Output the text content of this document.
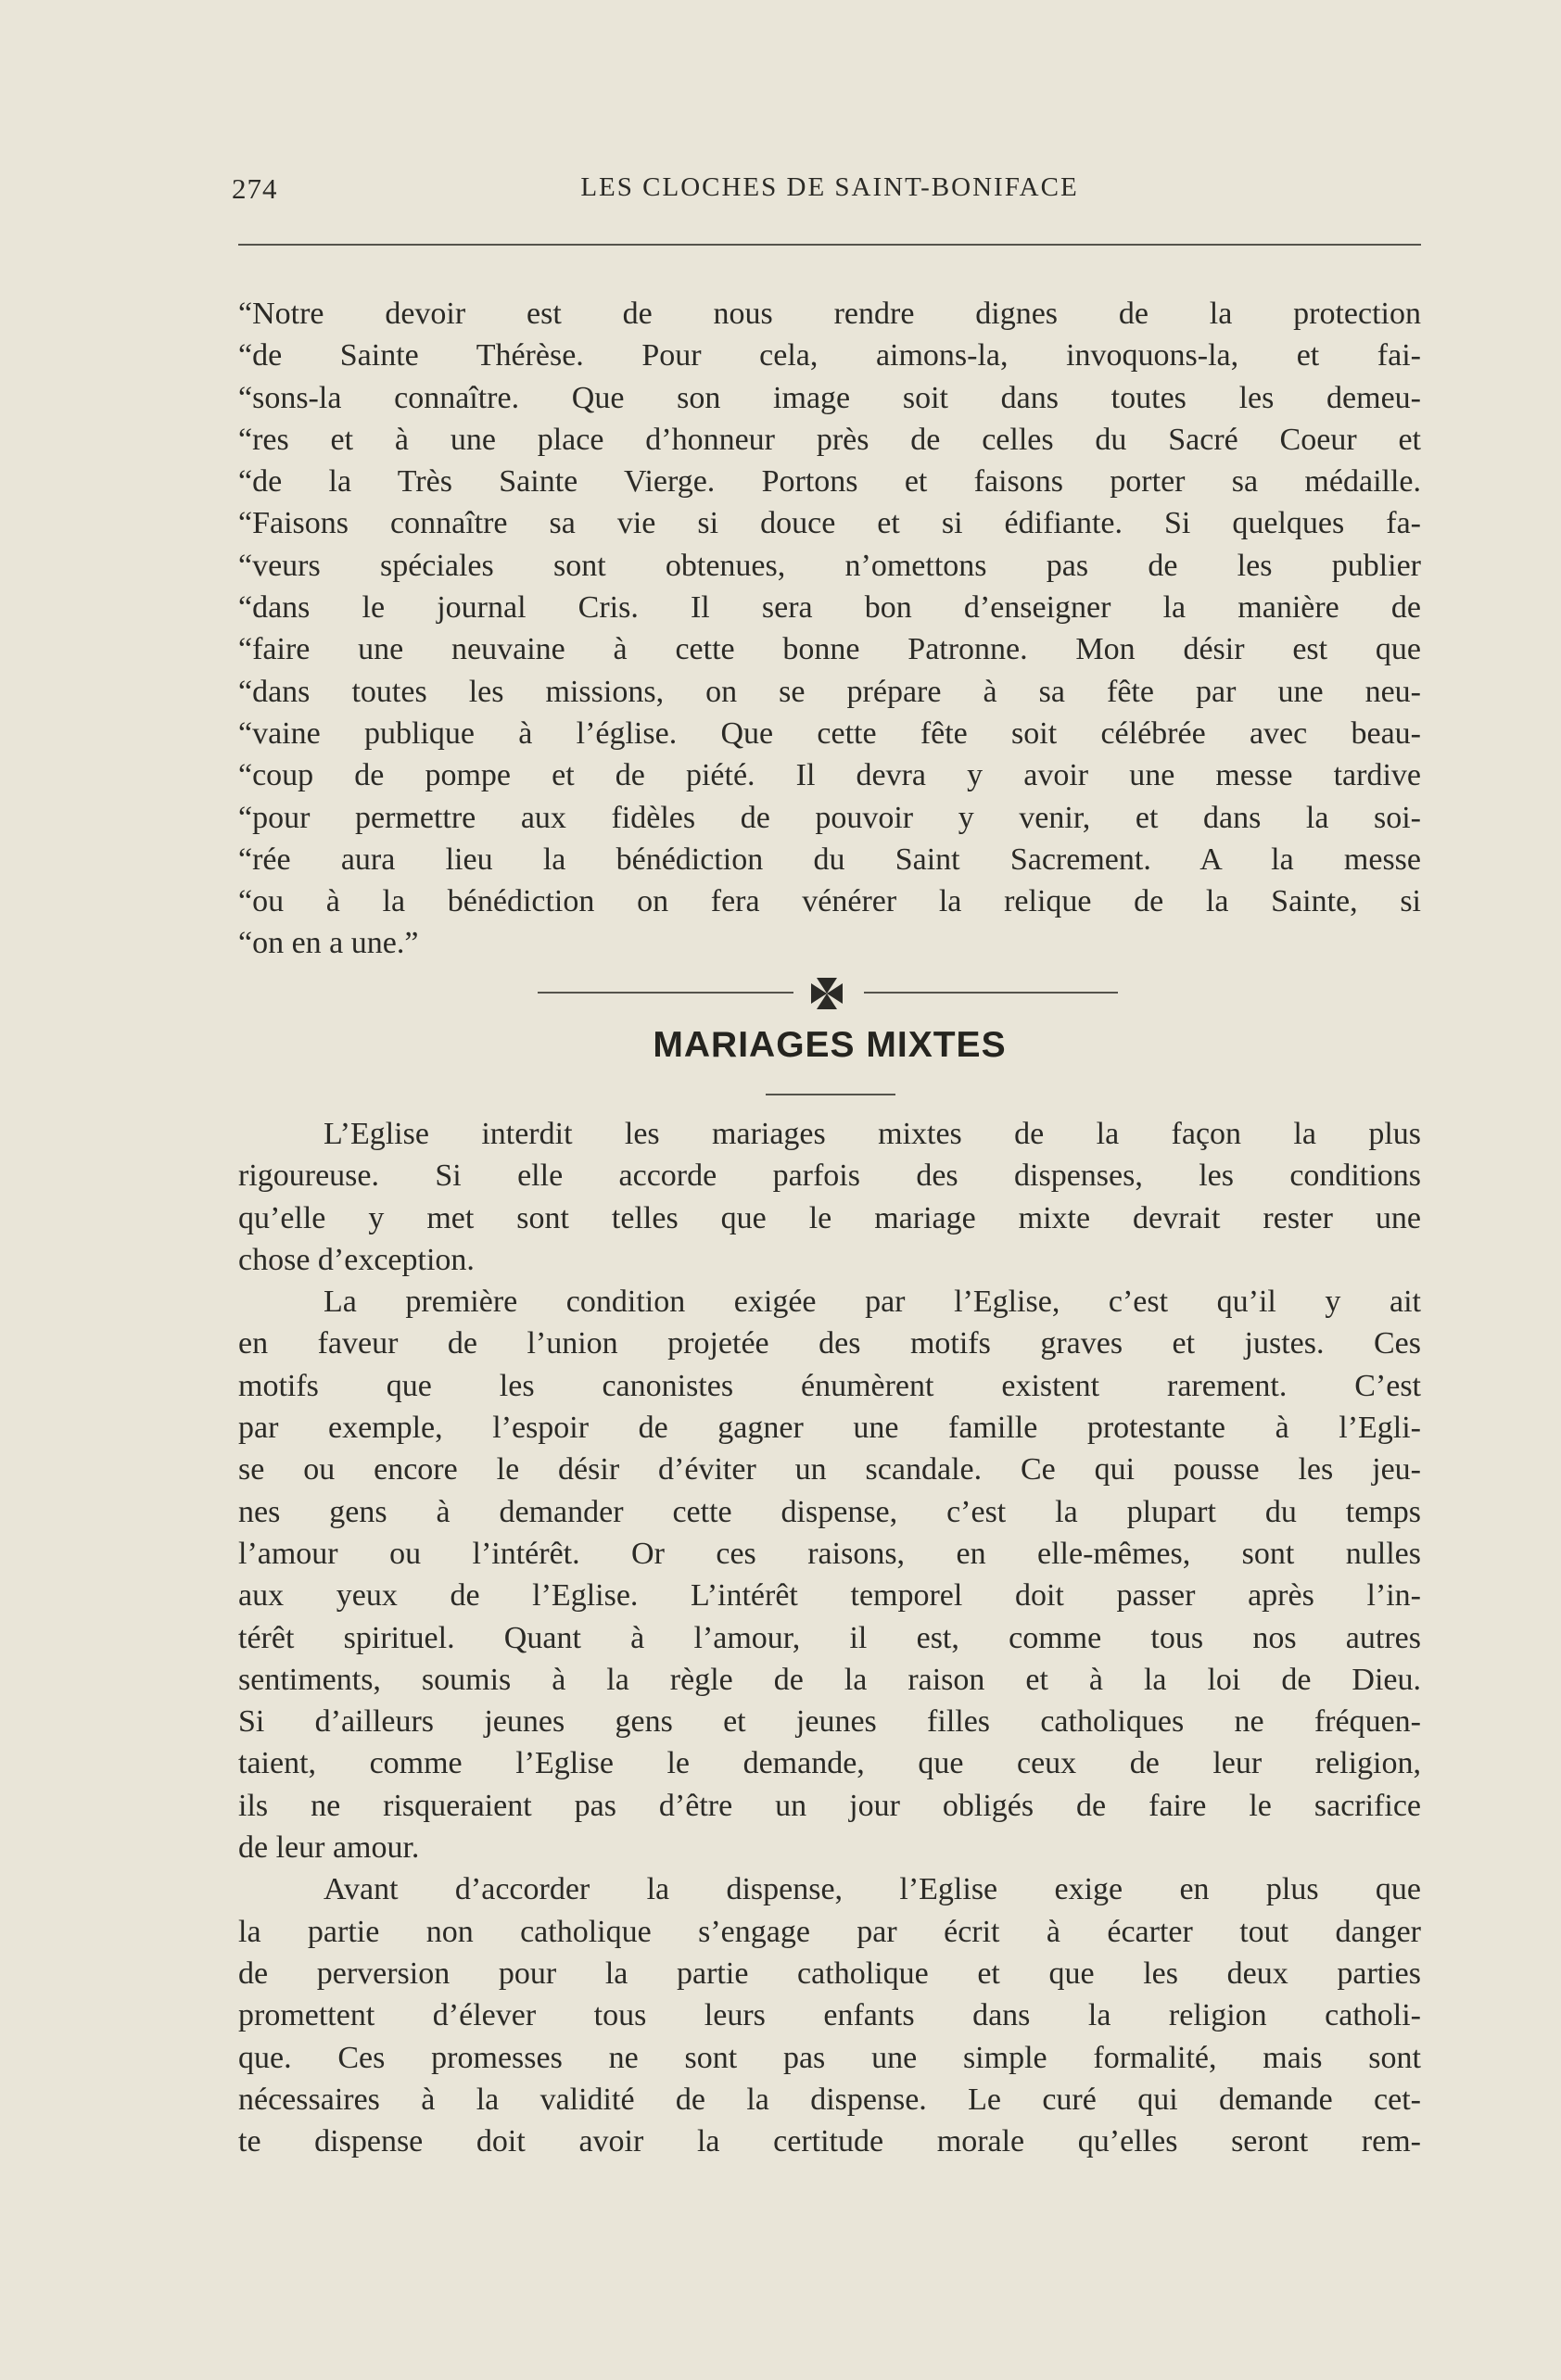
274	LES CLOCHES DE SAINT-BONIFACE
“Notre devoir est de nous rendre dignes de la protection
“de Sainte Thérèse. Pour cela, aimons-la, invoquons-la, et fai-
“sons-la connaître. Que son image soit dans toutes les demeu-
“res et à une place d’honneur près de celles du Sacré Coeur et
“de la Très Sainte Vierge. Portons et faisons porter sa médaille.
“Faisons connaître sa vie si douce et si édifiante. Si quelques fa-
“veurs spéciales sont obtenues, n’omettons pas de les publier
“dans le journal Cris. Il sera bon d’enseigner la manière de
“faire une neuvaine à cette bonne Patronne. Mon désir est que
“dans toutes les missions, on se prépare à sa fête par une neu-
“vaine publique à l’église. Que cette fête soit célébrée avec beau-
“coup de pompe et de piété. Il devra y avoir une messe tardive
“pour permettre aux fidèles de pouvoir y venir, et dans la soi-
“rée aura lieu la bénédiction du Saint Sacrement. A la messe
“ou à la bénédiction on fera vénérer la relique de la Sainte, si
“on en a une.”
MARIAGES MIXTES
L’Eglise interdit les mariages mixtes de la façon la plus
rigoureuse. Si elle accorde parfois des dispenses, les conditions
qu’elle y met sont telles que le mariage mixte devrait rester une
chose d’exception.
La première condition exigée par l’Eglise, c’est qu’il y ait
en faveur de l’union projetée des motifs graves et justes. Ces
motifs que les canonistes énumèrent existent rarement. C’est
par exemple, l’espoir de gagner une famille protestante à l’Egli-
se ou encore le désir d’éviter un scandale. Ce qui pousse les jeu-
nes gens à demander cette dispense, c’est la plupart du temps
l’amour ou l’intérêt. Or ces raisons, en elle-mêmes, sont nulles
aux yeux de l’Eglise. L’intérêt temporel doit passer après l’in-
térêt spirituel. Quant à l’amour, il est, comme tous nos autres
sentiments, soumis à la règle de la raison et à la loi de Dieu.
Si d’ailleurs jeunes gens et jeunes filles catholiques ne fréquen-
taient, comme l’Eglise le demande, que ceux de leur religion,
ils ne risqueraient pas d’être un jour obligés de faire le sacrifice
de leur amour.
Avant d’accorder la dispense, l’Eglise exige en plus que
la partie non catholique s’engage par écrit à écarter tout danger
de perversion pour la partie catholique et que les deux parties
promettent d’élever tous leurs enfants dans la religion catholi-
que. Ces promesses ne sont pas une simple formalité, mais sont
nécessaires à la validité de la dispense. Le curé qui demande cet-
te dispense doit avoir la certitude morale qu’elles seront rem-
